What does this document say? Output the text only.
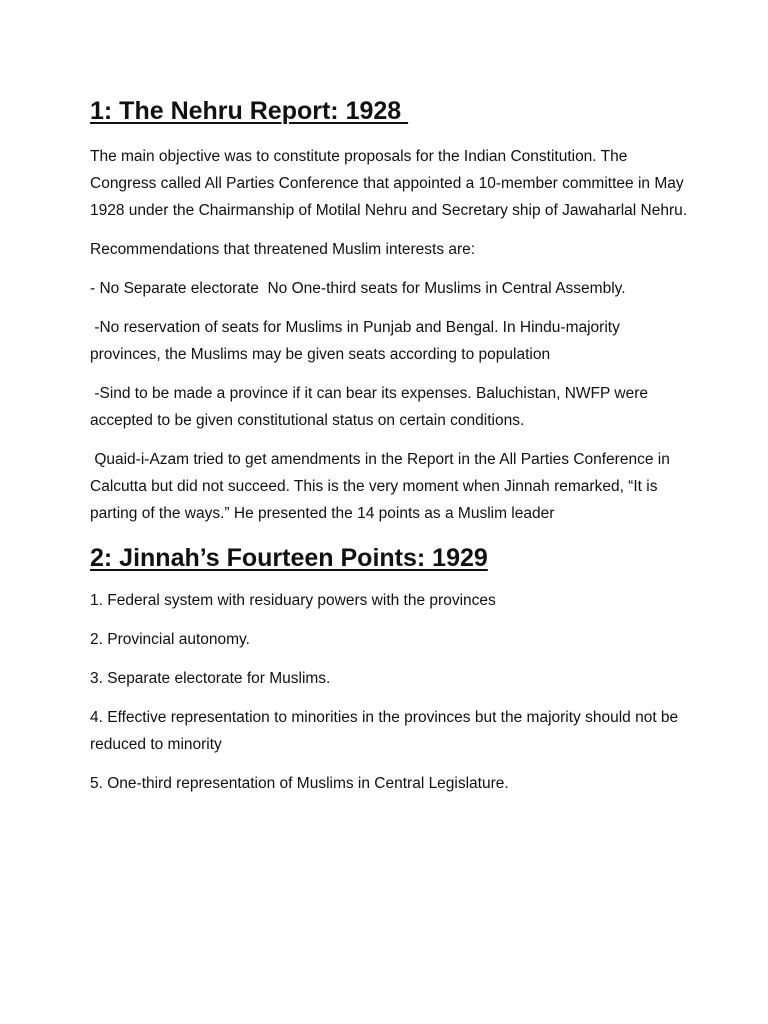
1: The Nehru Report: 1928

The main objective was to constitute proposals for the Indian Constitution. The Congress called All Parties Conference that appointed a 10-member committee in May 1928 under the Chairmanship of Motilal Nehru and Secretary ship of Jawaharlal Nehru.

Recommendations that threatened Muslim interests are:

- No Separate electorate  No One-third seats for Muslims in Central Assembly.

-No reservation of seats for Muslims in Punjab and Bengal. In Hindu-majority provinces, the Muslims may be given seats according to population

-Sind to be made a province if it can bear its expenses. Baluchistan, NWFP were accepted to be given constitutional status on certain conditions.

Quaid-i-Azam tried to get amendments in the Report in the All Parties Conference in Calcutta but did not succeed. This is the very moment when Jinnah remarked, “It is parting of the ways.” He presented the 14 points as a Muslim leader

2: Jinnah’s Fourteen Points: 1929

1. Federal system with residuary powers with the provinces

2. Provincial autonomy.

3. Separate electorate for Muslims.

4. Effective representation to minorities in the provinces but the majority should not be reduced to minority

5. One-third representation of Muslims in Central Legislature.
